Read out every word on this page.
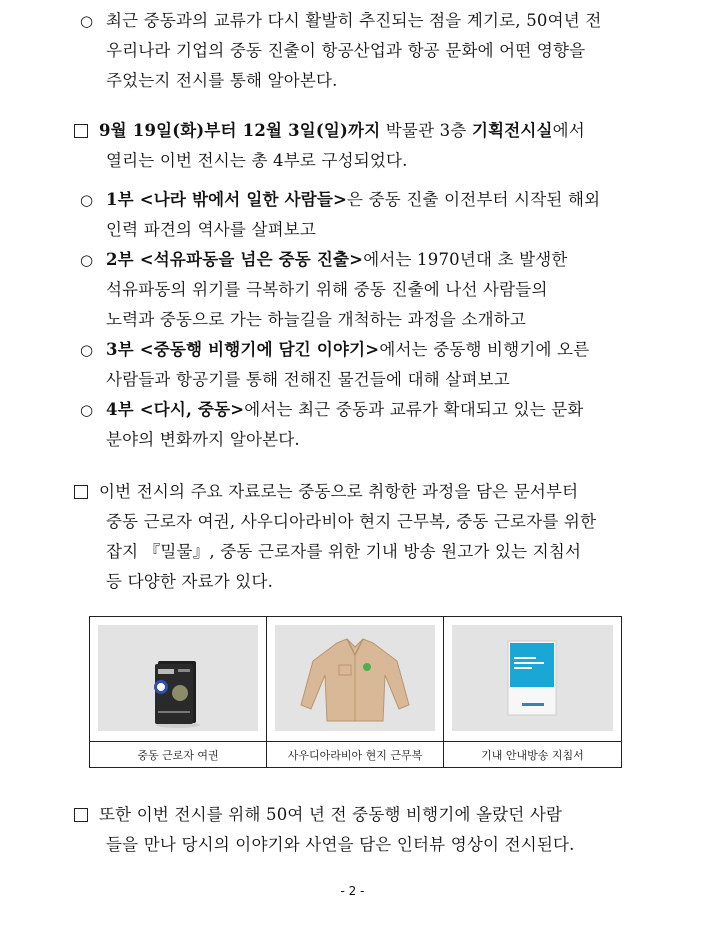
○ 최근 중동과의 교류가 다시 활발히 추진되는 점을 계기로, 50여년 전
우리나라 기업의 중동 진출이 항공산업과 항공 문화에 어떤 영향을
주었는지 전시를 통해 알아본다.
9월 19일(화)부터 12월 3일(일)까지 박물관 3층 기획전시실에서
열리는 이번 전시는 총 4부로 구성되었다.
○ 1부 <나라 밖에서 일한 사람들>은 중동 진출 이전부터 시작된 해외
인력 파견의 역사를 살펴보고
○ 2부 <석유파동을 넘은 중동 진출>에서는 1970년대 초 발생한
석유파동의 위기를 극복하기 위해 중동 진출에 나선 사람들의
노력과 중동으로 가는 하늘길을 개척하는 과정을 소개하고
○ 3부 <중동행 비행기에 담긴 이야기>에서는 중동행 비행기에 오른
사람들과 항공기를 통해 전해진 물건들에 대해 살펴보고
○ 4부 <다시, 중동>에서는 최근 중동과 교류가 확대되고 있는 문화
분야의 변화까지 알아본다.
이번 전시의 주요 자료로는 중동으로 취항한 과정을 담은 문서부터
중동 근로자 여권, 사우디아라비아 현지 근무복, 중동 근로자를 위한
잡지 『밀물』, 중동 근로자를 위한 기내 방송 원고가 있는 지침서
등 다양한 자료가 있다.
중동 근로자 여권	사우디아라비아 현지 근무복	기내 안내방송 지침서
또한 이번 전시를 위해 50여 년 전 중동행 비행기에 올랐던 사람
들을 만나 당시의 이야기와 사연을 담은 인터뷰 영상이 전시된다.
- 2 -
